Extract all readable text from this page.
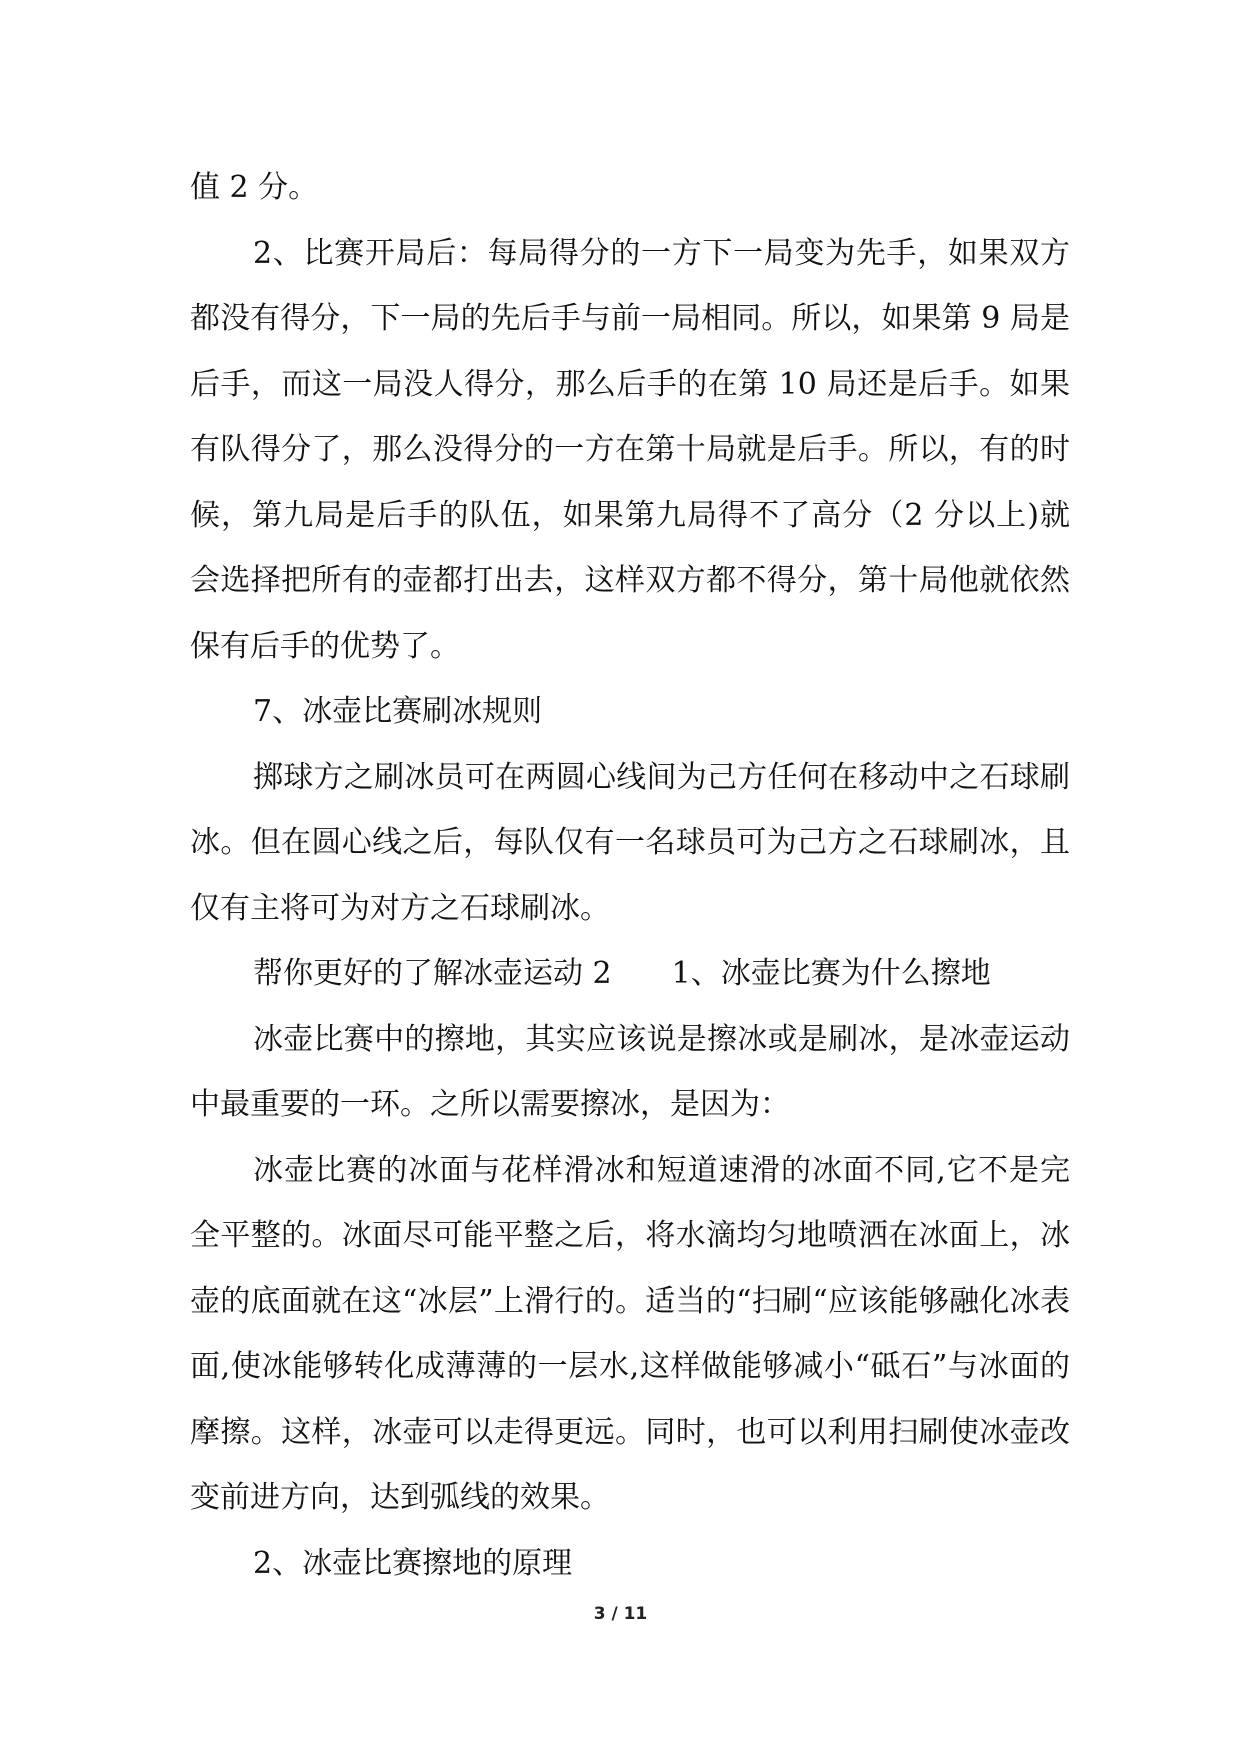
值 2 分。

2、比赛开局后：每局得分的一方下一局变为先手，如果双方都没有得分，下一局的先后手与前一局相同。所以，如果第 9 局是后手，而这一局没人得分，那么后手的在第 10 局还是后手。如果有队得分了，那么没得分的一方在第十局就是后手。所以，有的时候，第九局是后手的队伍，如果第九局得不了高分（2 分以上)就会选择把所有的壶都打出去，这样双方都不得分，第十局他就依然保有后手的优势了。

7、冰壶比赛刷冰规则

掷球方之刷冰员可在两圆心线间为己方任何在移动中之石球刷冰。但在圆心线之后，每队仅有一名球员可为己方之石球刷冰，且仅有主将可为对方之石球刷冰。

帮你更好的了解冰壶运动 2　　1、冰壶比赛为什么擦地

冰壶比赛中的擦地，其实应该说是擦冰或是刷冰，是冰壶运动中最重要的一环。之所以需要擦冰，是因为：

冰壶比赛的冰面与花样滑冰和短道速滑的冰面不同,它不是完全平整的。冰面尽可能平整之后，将水滴均匀地喷洒在冰面上，冰壶的底面就在这“冰层”上滑行的。适当的“扫刷“应该能够融化冰表面,使冰能够转化成薄薄的一层水,这样做能够减小“砥石”与冰面的摩擦。这样，冰壶可以走得更远。同时，也可以利用扫刷使冰壶改变前进方向，达到弧线的效果。

2、冰壶比赛擦地的原理

3 / 11
